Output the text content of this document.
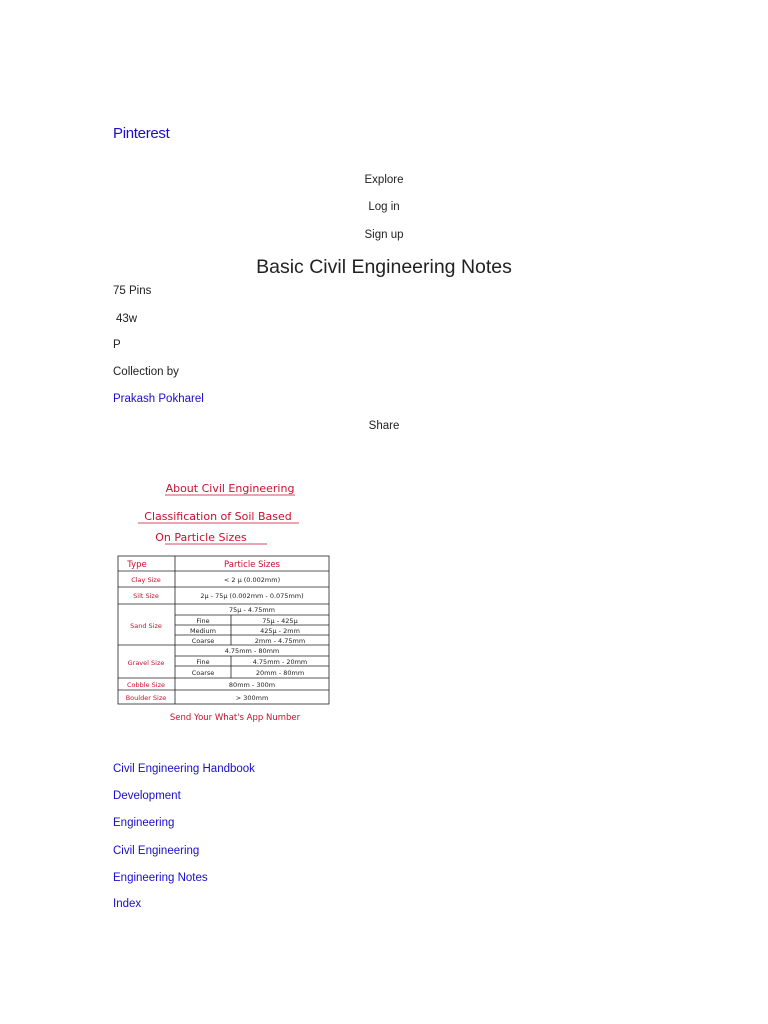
Pinterest
Explore
Log in
Sign up
Basic Civil Engineering Notes
75 Pins
43w
P
Collection by
Prakash Pokharel
Share
About Civil Engineering
Classification of Soil Based
On Particle Sizes
Type	Particle Sizes
Clay Size	< 2 µ (0.002mm)
Silt Size	2µ - 75µ (0.002mm - 0.075mm)
Sand Size
75µ - 4.75mm
Fine	75µ - 425µ
Medium	425µ - 2mm
Coarse	2mm - 4.75mm
Gravel Size
4.75mm - 80mm
Fine	4.75mm - 20mm
Coarse	20mm - 80mm
Cobble Size	80mm - 300m
Boulder Size	> 300mm
Send Your What's App Number
Civil Engineering Handbook
Development
Engineering
Civil Engineering
Engineering Notes
Index
